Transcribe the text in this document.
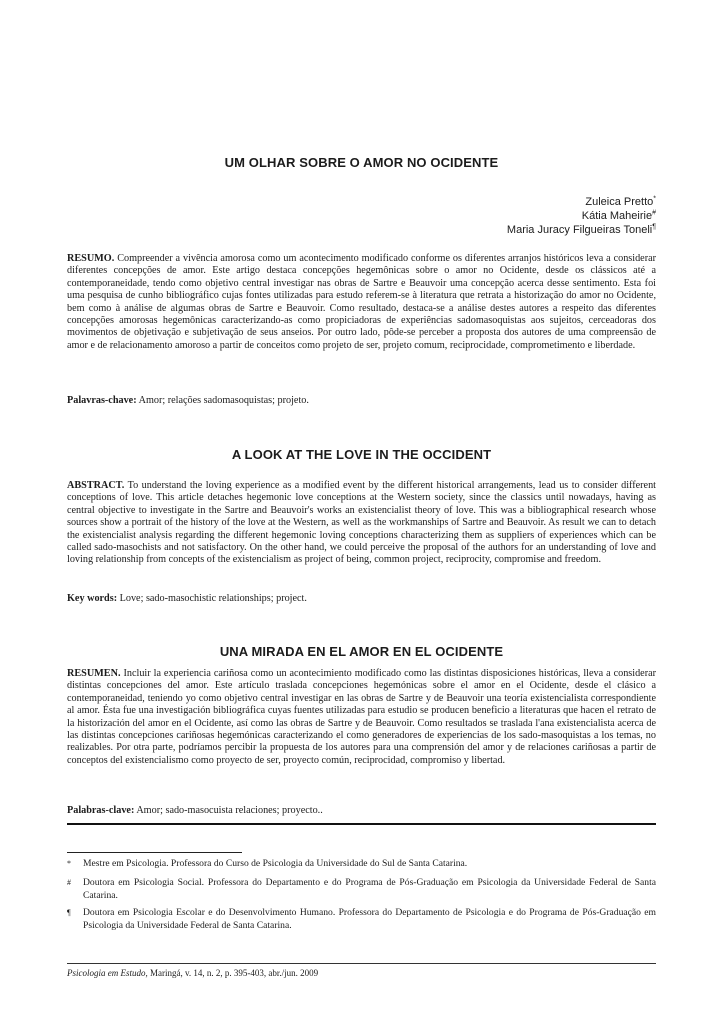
UM OLHAR SOBRE O AMOR NO OCIDENTE
Zuleica Pretto*
Kátia Maheirie#
Maria Juracy Filgueiras Toneli¶

RESUMO. Compreender a vivência amorosa como um acontecimento modificado conforme os diferentes arranjos históricos leva a considerar diferentes concepções de amor. Este artigo destaca concepções hegemônicas sobre o amor no Ocidente, desde os clássicos até a contemporaneidade, tendo como objetivo central investigar nas obras de Sartre e Beauvoir uma concepção acerca desse sentimento. Esta foi uma pesquisa de cunho bibliográfico cujas fontes utilizadas para estudo referem-se à literatura que retrata a historização do amor no Ocidente, bem como à análise de algumas obras de Sartre e Beauvoir. Como resultado, destaca-se a análise destes autores a respeito das diferentes concepções amorosas hegemônicas caracterizando-as como propiciadoras de experiências sadomasoquistas aos sujeitos, cerceadoras dos movimentos de objetivação e subjetivação de seus anseios. Por outro lado, pôde-se perceber a proposta dos autores de uma compreensão de amor e de relacionamento amoroso a partir de conceitos como projeto de ser, projeto comum, reciprocidade, comprometimento e liberdade.

Palavras-chave: Amor; relações sadomasoquistas; projeto.

A LOOK AT THE LOVE IN THE OCCIDENT

ABSTRACT. To understand the loving experience as a modified event by the different historical arrangements, lead us to consider different conceptions of love. This article detaches hegemonic love conceptions at the Western society, since the classics until nowadays, having as central objective to investigate in the Sartre and Beauvoir's works an existencialist theory of love. This was a bibliographical research whose sources show a portrait of the history of the love at the Western, as well as the workmanships of Sartre and Beauvoir. As result we can to detach the existencialist analysis regarding the different hegemonic loving conceptions characterizing them as suppliers of experiences which can be called sado-masochists and not satisfactory. On the other hand, we could perceive the proposal of the authors for an understanding of love and loving relationship from concepts of the existencialism as project of being, common project, reciprocity, compromise and freedom.

Key words: Love; sado-masochistic relationships; project.

UNA MIRADA EN EL AMOR EN EL OCIDENTE

RESUMEN. Incluir la experiencia cariñosa como un acontecimiento modificado como las distintas disposiciones históricas, lleva a considerar distintas concepciones del amor. Este artículo traslada concepciones hegemónicas sobre el amor en el Ocidente, desde el clásico a contemporaneidad, teniendo yo como objetivo central investigar en las obras de Sartre y de Beauvoir una teoría existencialista correspondiente al amor. Ésta fue una investigación bibliográfica cuyas fuentes utilizadas para estudio se producen beneficio a literaturas que hacen el retrato de la historización del amor en el Ocidente, así como las obras de Sartre y de Beauvoir. Como resultados se traslada l'ana existencialista acerca de las distintas concepciones cariñosas hegemónicas caracterizando el como generadores de experiencias de los sado-masoquistas a los temas, no realizables. Por otra parte, podríamos percibir la propuesta de los autores para una comprensión del amor y de relaciones cariñosas a partir de conceptos del existencialismo como proyecto de ser, proyecto común, reciprocidad, compromiso y libertad.

Palabras-clave: Amor; sado-masocuista relaciones; proyecto..

*	Mestre em Psicologia. Professora do Curso de Psicologia da Universidade do Sul de Santa Catarina.
#	Doutora em Psicologia Social. Professora do Departamento e do Programa de Pós-Graduação em Psicologia da Universidade Federal de Santa Catarina.
¶	Doutora em Psicologia Escolar e do Desenvolvimento Humano. Professora do Departamento de Psicologia e do Programa de Pós-Graduação em Psicologia da Universidade Federal de Santa Catarina.
Psicologia em Estudo, Maringá, v. 14, n. 2, p. 395-403, abr./jun. 2009
